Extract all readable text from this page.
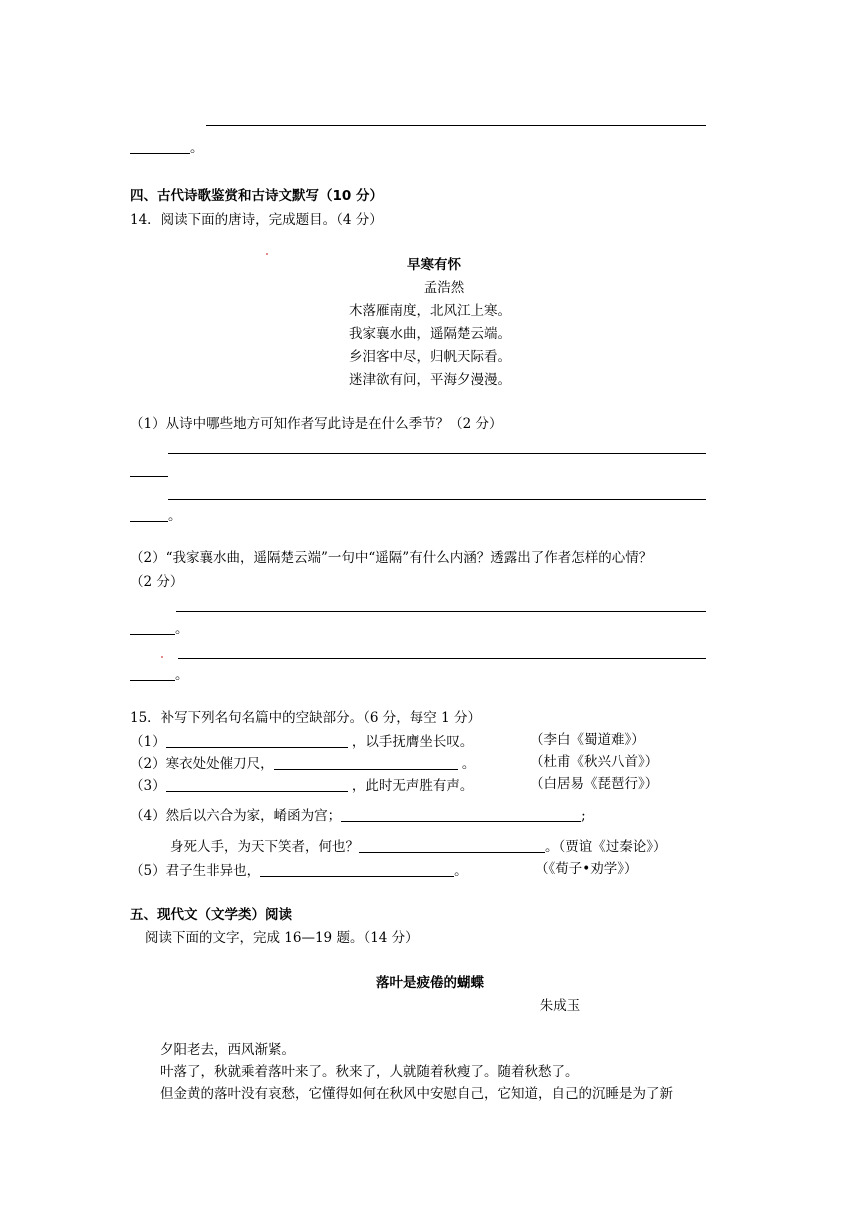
。
四、古代诗歌鉴赏和古诗文默写（10 分）
14．阅读下面的唐诗，完成题目。（4 分）
早寒有怀
孟浩然
木落雁南度，北风江上寒。
我家襄水曲，遥隔楚云端。
乡泪客中尽，归帆天际看。
迷津欲有问，平海夕漫漫。
（1）从诗中哪些地方可知作者写此诗是在什么季节？（2 分）
。
（2）“我家襄水曲，遥隔楚云端”一句中“遥隔”有什么内涵？透露出了作者怎样的心情？
（2 分）
。
。
15．补写下列名句名篇中的空缺部分。（6 分，每空 1 分）
（1）	，以手抚膺坐长叹。	（李白《蜀道难》）
（2）寒衣处处催刀尺，	。	（杜甫《秋兴八首》）
（3）	，此时无声胜有声。	（白居易《琵琶行》）
（4）然后以六合为家，崤函为宫；	;
身死人手，为天下笑者，何也？	。（贾谊《过秦论》）
（5）君子生非异也，	。	（《荀子•劝学》）
五、现代文（文学类）阅读
阅读下面的文字，完成 16—19 题。（14 分）
落叶是疲倦的蝴蝶
朱成玉
夕阳老去，西风渐紧。
叶落了，秋就乘着落叶来了。秋来了，人就随着秋瘦了。随着秋愁了。
但金黄的落叶没有哀愁，它懂得如何在秋风中安慰自己，它知道，自己的沉睡是为了新
